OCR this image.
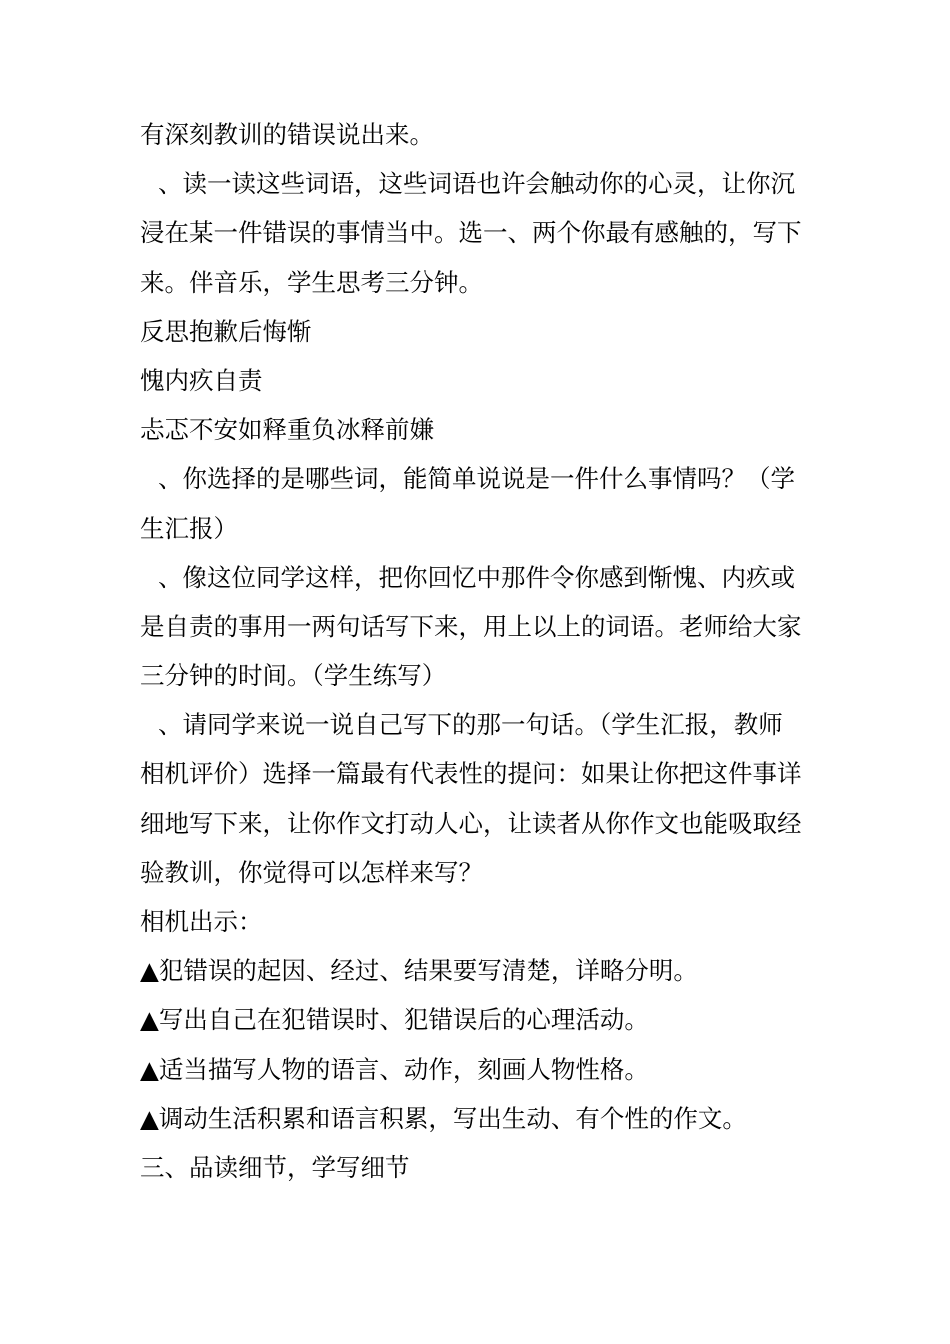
有深刻教训的错误说出来。
、读一读这些词语，这些词语也许会触动你的心灵，让你沉
浸在某一件错误的事情当中。选一、两个你最有感触的，写下
来。伴音乐，学生思考三分钟。
反思抱歉后悔惭
愧内疚自责
忐忑不安如释重负冰释前嫌
、你选择的是哪些词，能简单说说是一件什么事情吗？（学
生汇报）
、像这位同学这样，把你回忆中那件令你感到惭愧、内疚或
是自责的事用一两句话写下来，用上以上的词语。老师给大家
三分钟的时间。（学生练写）
、请同学来说一说自己写下的那一句话。（学生汇报，教师
相机评价）选择一篇最有代表性的提问：如果让你把这件事详
细地写下来，让你作文打动人心，让读者从你作文也能吸取经
验教训，你觉得可以怎样来写？
相机出示：
▲犯错误的起因、经过、结果要写清楚，详略分明。
▲写出自己在犯错误时、犯错误后的心理活动。
▲适当描写人物的语言、动作，刻画人物性格。
▲调动生活积累和语言积累，写出生动、有个性的作文。
三、品读细节，学写细节
